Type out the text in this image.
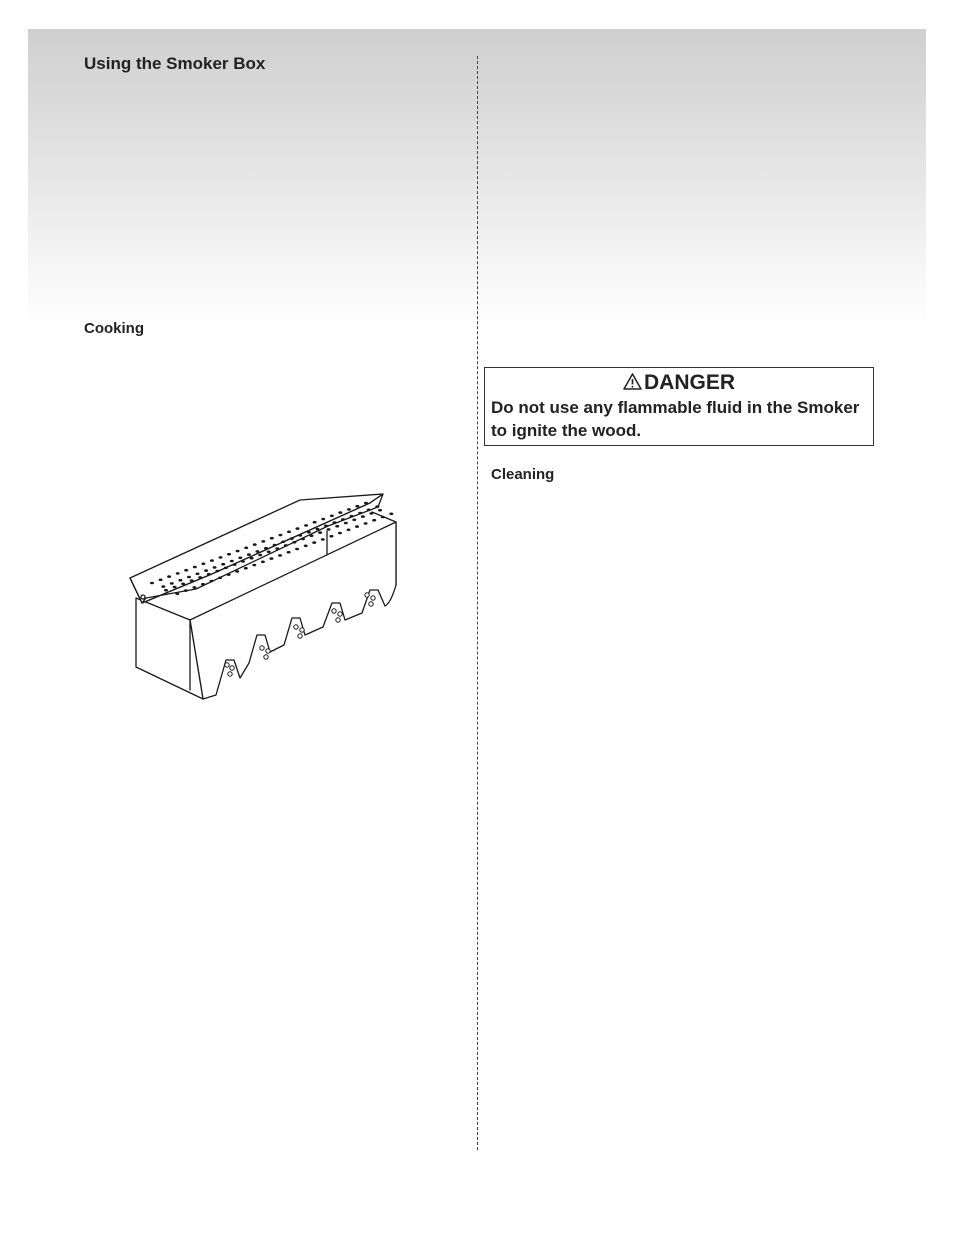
Using the Smoker Box
Cooking
DANGER
Do not use any flammable fluid in the Smoker to ignite the wood.
Cleaning
